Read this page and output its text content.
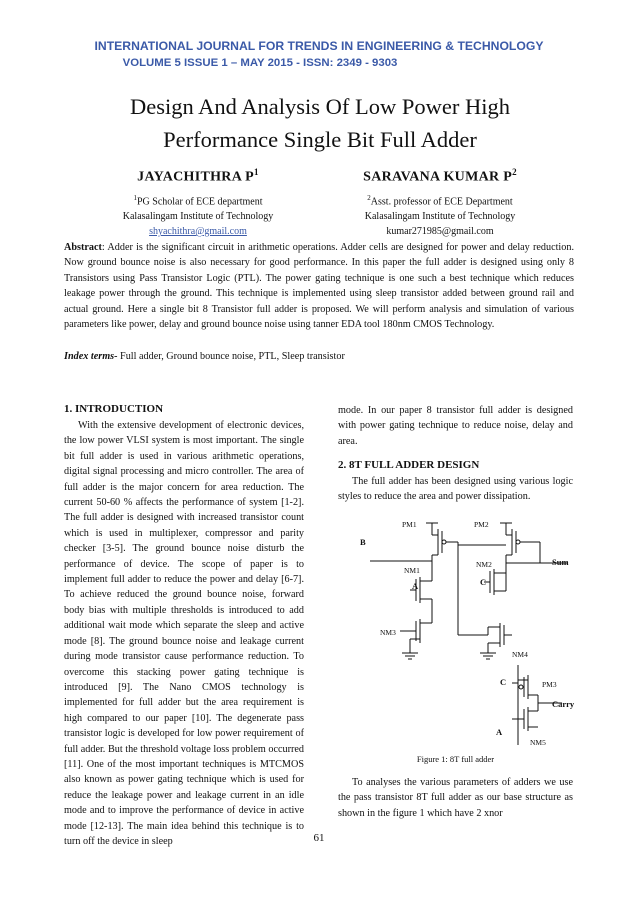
INTERNATIONAL JOURNAL FOR TRENDS IN ENGINEERING & TECHNOLOGY
VOLUME 5 ISSUE 1 – MAY 2015 - ISSN: 2349 - 9303
Design And Analysis Of Low Power High
Performance Single Bit Full Adder
JAYACHITHRA $P^1$
$^1$PG Scholar of ECE department
Kalasalingam Institute of Technology
shyachithra@gmail.com
SARAVANA KUMAR $P^2$
$^2$Asst. professor of ECE Department
Kalasalingam Institute of Technology
kumar271985@gmail.com
Abstract: Adder is the significant circuit in arithmetic operations. Adder cells are designed for power and delay reduction. Now ground bounce noise is also necessary for good performance. In this paper the full adder is designed using only 8 Transistors using Pass Transistor Logic (PTL). The power gating technique is one such a best technique which reduces leakage power through the ground. This technique is implemented using sleep transistor added between ground rail and actual ground. Here a single bit 8 Transistor full adder is proposed. We will perform analysis and simulation of various parameters like power, delay and ground bounce noise using tanner EDA tool 180nm CMOS Technology.
Index terms- Full adder, Ground bounce noise, PTL, Sleep transistor
1. INTRODUCTION
With the extensive development of electronic devices, the low power VLSI system is most important. The single bit full adder is used in various arithmetic operations, digital signal processing and micro controller. The area of full adder is the major concern for area reduction. The current 50-60 % affects the performance of system [1-2]. The full adder is designed with increased transistor count which is used in multiplexer, compressor and parity checker [3-5]. The ground bounce noise disturb the performance of device. The scope of paper is to implement full adder to reduce the power and delay [6-7]. To achieve reduced the ground bounce noise, forward body bias with multiple thresholds is introduced to add additional wait mode which separate the sleep and active mode [8]. The ground bounce noise and leakage current during mode transistor cause performance reduction. To overcome this stacking power gating technique is introduced [9]. The Nano CMOS technology is implemented for full adder but the area requirement is high compared to our paper [10]. The degenerate pass transistor logic is developed for low power requirement of full adder. But the threshold voltage loss problem occurred [11]. One of the most important techniques is MTCMOS also known as power gating technique which is used for reduce the leakage power and leakage current in an idle mode and to improve the performance of device in active mode [12-13]. The main idea behind this technique is to turn off the device in sleep
mode. In our paper 8 transistor full adder is designed with power gating technique to reduce noise, delay and area.
2. 8T FULL ADDER DESIGN
The full adder has been designed using various logic styles to reduce the area and power dissipation.
PM1	PM2
PM3
NM1
NM2
NM3
NM4
NM5
B
A	C
C
A
Sum
Carry
Figure 1: 8T full adder
To analyses the various parameters of adders we use the pass transistor 8T full adder as our base structure as shown in the figure 1 which have 2 xnor
61
